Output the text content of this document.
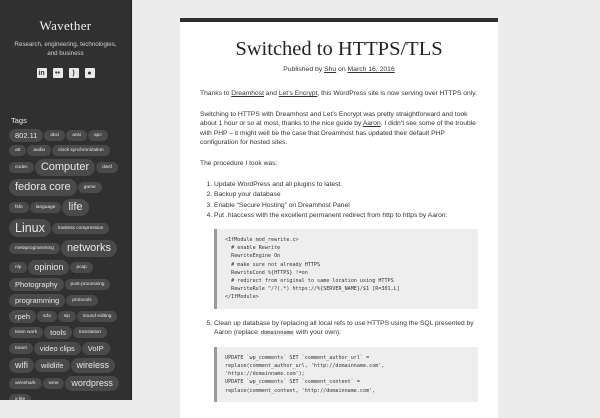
Wavether
Research, engineering, technologies, and business
in	••	)	●
Tags
802.11	abci	ansi	apcatt	audio	clock synchronizationcodec Computer	dwsffedora core	gamefsfe	language lifeLinux	lossless compressionmetaprogramming networksnlp opinion	pcapPhotography	post-processingprogramming	protocolsrpeh	sda	sip	sound editingteam work tools	translationtravel video clips VoIPwifi wildlife wirelesswireshark	wms wordpressx-lite
Switched to HTTPS/TLS
Published by Shu on March 16, 2016

Thanks to Dreamhost and Let’s Encrypt, this WordPress site is now serving over HTTPS only.

Switching to HTTPS with Dreamhost and Let’s Encrypt was pretty straightforward and took about 1 hour or so at most, thanks to the nice guide by Aaron. I didn’t see some of the trouble with PHP – it might well be the case that Dreamhost has updated their default PHP configuration for hosted sites.

The procedure I took was:

1. Update WordPress and all plugins to latest.
2. Backup your database
3. Enable “Secure Hosting” on Dreamhost Panel
4. Put .htaccess with the excellent permanent redirect from http to https by Aaron:
<IfModule mod_rewrite.c>
# enable Rewrite
RewriteEngine On
# make sure not already HTTPS
RewriteCond %{HTTPS} !=on
# redirect from original to same location using HTTPS
RewriteRule ^/?(.*) https://%{SERVER_NAME}/$1 [R=301,L]
</IfModule>
5. Clean up database by replacing all local refs to use HTTPS using the SQL presented by Aaron (replace domainname with your own):
UPDATE `wp_comments` SET `comment_author_url` =
replace(comment_author_url, 'http://domainname.com',
'https://domainname.com');
UPDATE `wp_comments` SET `comment_content` =
replace(comment_content, 'http://domainname.com',
